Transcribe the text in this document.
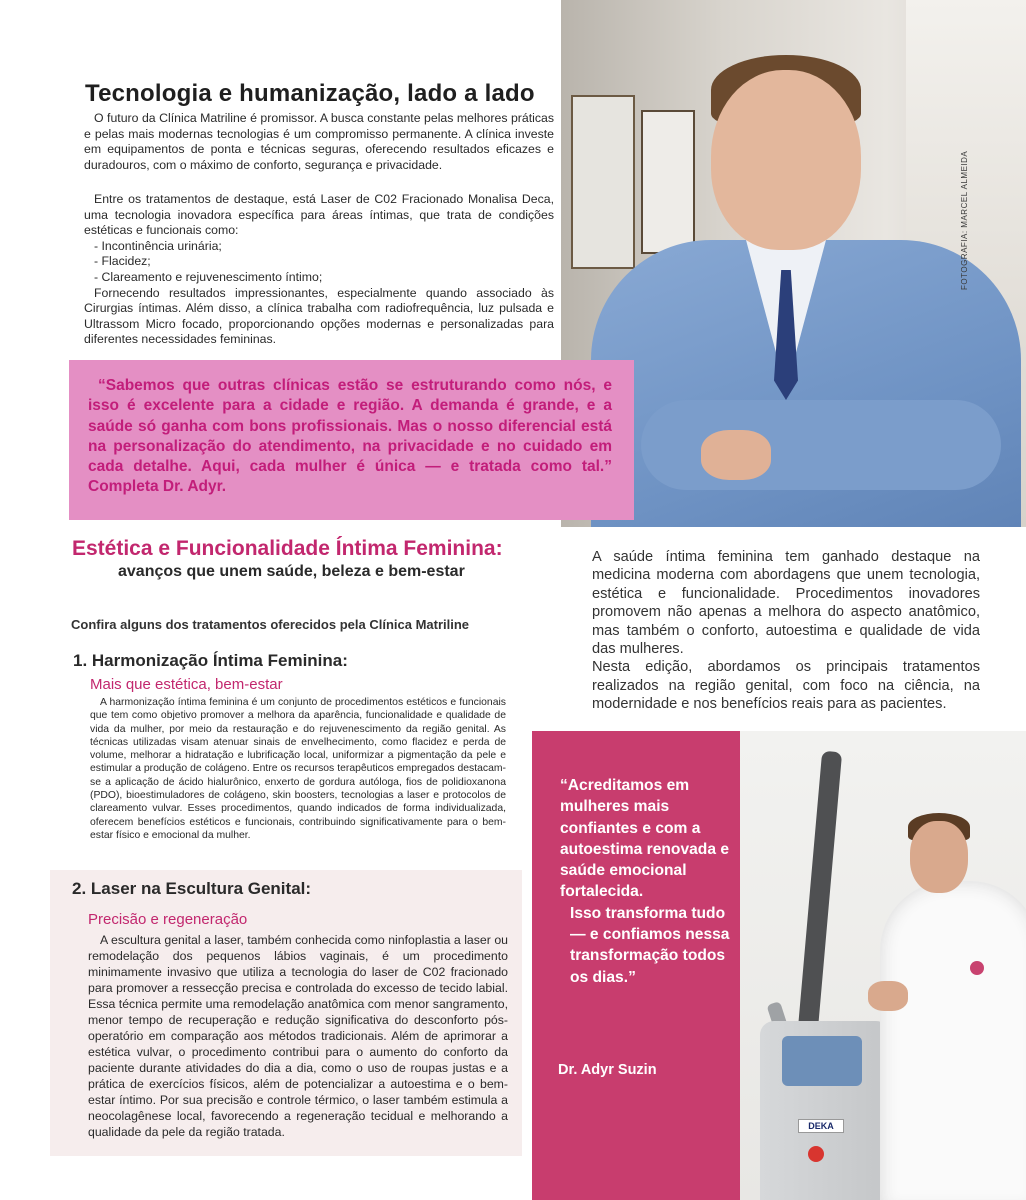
Tecnologia e humanização, lado a lado

O futuro da Clínica Matriline é promissor. A busca constante pelas melhores práticas e pelas mais modernas tecnologias é um compromisso permanente. A clínica investe em equipamentos de ponta e técnicas seguras, oferecendo resultados eficazes e duradouros, com o máximo de conforto, segurança e privacidade.

Entre os tratamentos de destaque, está Laser de C02 Fracionado Monalisa Deca, uma tecnologia inovadora específica para áreas íntimas, que trata de condições estéticas e funcionais como:

- Incontinência urinária;

- Flacidez;

- Clareamento e rejuvenescimento íntimo;

Fornecendo resultados impressionantes, especialmente quando associado às Cirurgias íntimas. Além disso, a clínica trabalha com radiofrequência, luz pulsada e Ultrassom Micro focado, proporcionando opções modernas e personalizadas para diferentes necessidades femininas.

FOTOGRAFIA: MARCEL ALMEIDA

“Sabemos que outras clínicas estão se estruturando como nós, e isso é excelente para a cidade e região. A demanda é grande, e a saúde só ganha com bons profissionais. Mas o nosso diferencial está na personalização do atendimento, na privacidade e no cuidado em cada detalhe. Aqui, cada mulher é única — e tratada como tal.” Completa Dr. Adyr.

Estética e Funcionalidade Íntima Feminina:
avanços que unem saúde, beleza e bem-estar
Confira alguns dos tratamentos oferecidos pela Clínica Matriline

A saúde íntima feminina tem ganhado destaque na medicina moderna com abordagens que unem tecnologia, estética e funcionalidade. Procedimentos inovadores promovem não apenas a melhora do aspecto anatômico, mas também o conforto, autoestima e qualidade de vida das mulheres.

Nesta edição, abordamos os principais tratamentos realizados na região genital, com foco na ciência, na modernidade e nos benefícios reais para as pacientes.

1. Harmonização Íntima Feminina:
Mais que estética, bem-estar

A harmonização íntima feminina é um conjunto de procedimentos estéticos e funcionais que tem como objetivo promover a melhora da aparência, funcionalidade e qualidade de vida da mulher, por meio da restauração e do rejuvenescimento da região genital. As técnicas utilizadas visam atenuar sinais de envelhecimento, como flacidez e perda de volume, melhorar a hidratação e lubrificação local, uniformizar a pigmentação da pele e estimular a produção de colágeno. Entre os recursos terapêuticos empregados destacam-se a aplicação de ácido hialurônico, enxerto de gordura autóloga, fios de polidioxanona (PDO), bioestimuladores de colágeno, skin boosters, tecnologias a laser e protocolos de clareamento vulvar. Esses procedimentos, quando indicados de forma individualizada, oferecem benefícios estéticos e funcionais, contribuindo significativamente para o bem-estar físico e emocional da mulher.

2. Laser na Escultura Genital:
Precisão e regeneração

A escultura genital a laser, também conhecida como ninfoplastia a laser ou remodelação dos pequenos lábios vaginais, é um procedimento minimamente invasivo que utiliza a tecnologia do laser de C02 fracionado para promover a ressecção precisa e controlada do excesso de tecido labial. Essa técnica permite uma remodelação anatômica com menor sangramento, menor tempo de recuperação e redução significativa do desconforto pós-operatório em comparação aos métodos tradicionais. Além de aprimorar a estética vulvar, o procedimento contribui para o aumento do conforto da paciente durante atividades do dia a dia, como o uso de roupas justas e a prática de exercícios físicos, além de potencializar a autoestima e o bem-estar íntimo. Por sua precisão e controle térmico, o laser também estimula a neocolagênese local, favorecendo a regeneração tecidual e melhorando a qualidade da pele da região tratada.

“Acreditamos em mulheres mais confiantes e com a autoestima renovada e saúde emocional fortalecida.
Isso transforma tudo — e confiamos nessa transformação todos os dias.”
Dr. Adyr Suzin
DEKA
